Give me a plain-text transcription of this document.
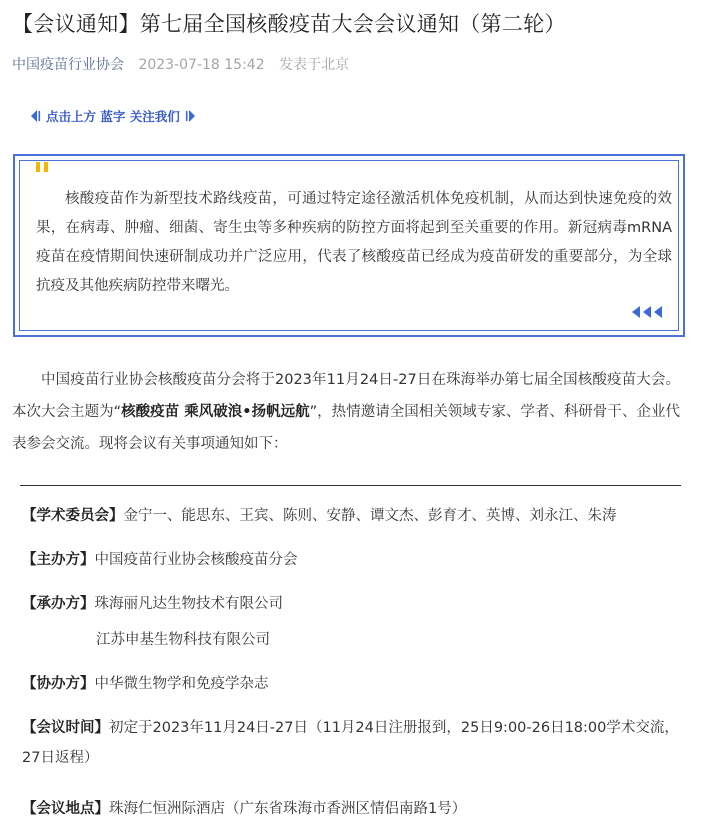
【会议通知】第七届全国核酸疫苗大会会议通知（第二轮）
中国疫苗行业协会 2023-07-18 15:42 发表于北京
点击上方 蓝字 关注我们

核酸疫苗作为新型技术路线疫苗，可通过特定途径激活机体免疫机制，从而达到快速免疫的效果，在病毒、肿瘤、细菌、寄生虫等多种疾病的防控方面将起到至关重要的作用。新冠病毒mRNA疫苗在疫情期间快速研制成功并广泛应用，代表了核酸疫苗已经成为疫苗研发的重要部分，为全球抗疫及其他疾病防控带来曙光。

中国疫苗行业协会核酸疫苗分会将于2023年11月24日-27日在珠海举办第七届全国核酸疫苗大会。本次大会主题为“核酸疫苗 乘风破浪•扬帆远航”，热情邀请全国相关领域专家、学者、科研骨干、企业代表参会交流。现将会议有关事项通知如下：

【学术委员会】金宁一、能思东、王宾、陈则、安静、谭文杰、彭育才、英博、刘永江、朱涛
【主办方】中国疫苗行业协会核酸疫苗分会
【承办方】珠海丽凡达生物技术有限公司
江苏申基生物科技有限公司
【协办方】中华微生物学和免疫学杂志
【会议时间】初定于2023年11月24日-27日（11月24日注册报到，25日9:00-26日18:00学术交流，27日返程）
【会议地点】珠海仁恒洲际酒店（广东省珠海市香洲区情侣南路1号）
